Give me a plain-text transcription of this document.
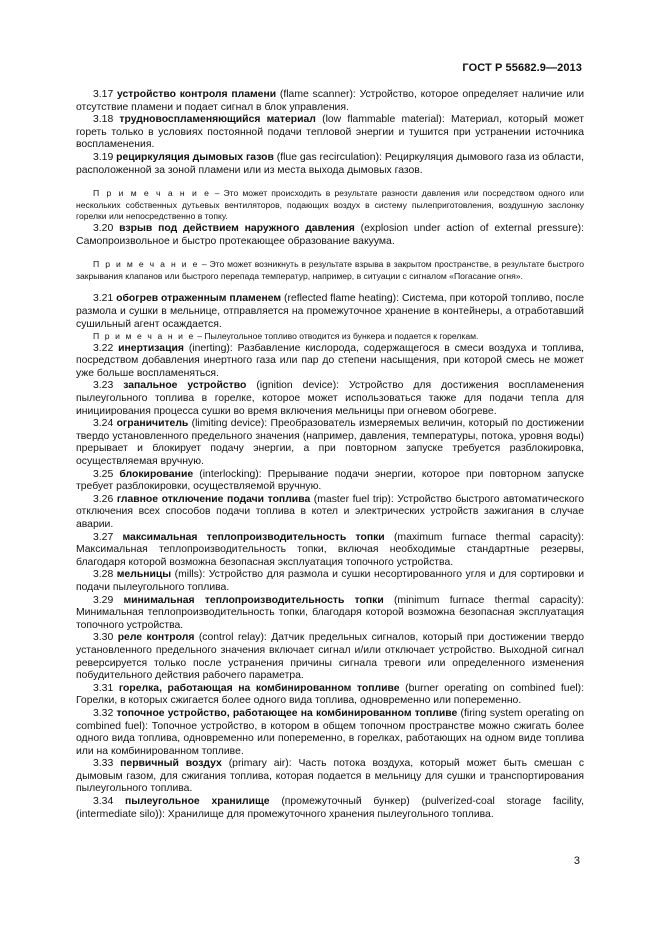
ГОСТ Р 55682.9—2013

3.17 устройство контроля пламени (flame scanner): Устройство, которое определяет наличие или отсутствие пламени и подает сигнал в блок управления.

3.18 трудновоспламеняющийся материал (low flammable material): Материал, который может гореть только в условиях постоянной подачи тепловой энергии и тушится при устранении источника воспламенения.

3.19 рециркуляция дымовых газов (flue gas recirculation): Рециркуляция дымового газа из области, расположенной за зоной пламени или из места выхода дымовых газов.

П р и м е ч а н и е – Это может происходить в результате разности давления или посредством одного или нескольких собственных дутьевых вентиляторов, подающих воздух в систему пылеприготовления, воздушную заслонку горелки или непосредственно в топку.

3.20 взрыв под действием наружного давления (explosion under action of external pressure): Самопроизвольное и быстро протекающее образование вакуума.

П р и м е ч а н и е – Это может возникнуть в результате взрыва в закрытом пространстве, в результате быстрого закрывания клапанов или быстрого перепада температур, например, в ситуации с сигналом «Погасание огня».

3.21 обогрев отраженным пламенем (reflected flame heating): Система, при которой топливо, после размола и сушки в мельнице, отправляется на промежуточное хранение в контейнеры, а отработавший сушильный агент осаждается.

П р и м е ч а н и е – Пылеугольное топливо отводится из бункера и подается к горелкам.

3.22 инертизация (inerting): Разбавление кислорода, содержащегося в смеси воздуха и топлива, посредством добавления инертного газа или пар до степени насыщения, при которой смесь не может уже больше воспламеняться.

3.23 запальное устройство (ignition device): Устройство для достижения воспламенения пылеугольного топлива в горелке, которое может использоваться также для подачи тепла для инициирования процесса сушки во время включения мельницы при огневом обогреве.

3.24 ограничитель (limiting device): Преобразователь измеряемых величин, который по достижении твердо установленного предельного значения (например, давления, температуры, потока, уровня воды) прерывает и блокирует подачу энергии, а при повторном запуске требуется разблокировка, осуществляемая вручную.

3.25 блокирование (interlocking): Прерывание подачи энергии, которое при повторном запуске требует разблокировки, осуществляемой вручную.

3.26 главное отключение подачи топлива (master fuel trip): Устройство быстрого автоматического отключения всех способов подачи топлива в котел и электрических устройств зажигания в случае аварии.

3.27 максимальная теплопроизводительность топки (maximum furnace thermal capacity): Максимальная теплопроизводительность топки, включая необходимые стандартные резервы, благодаря которой возможна безопасная эксплуатация топочного устройства.

3.28 мельницы (mills): Устройство для размола и сушки несортированного угля и для сортировки и подачи пылеугольного топлива.

3.29 минимальная теплопроизводительность топки (minimum furnace thermal capacity): Минимальная теплопроизводительность топки, благодаря которой возможна безопасная эксплуатация топочного устройства.

3.30 реле контроля (control relay): Датчик предельных сигналов, который при достижении твердо установленного предельного значения включает сигнал и/или отключает устройство. Выходной сигнал реверсируется только после устранения причины сигнала тревоги или определенного изменения побудительного действия рабочего параметра.

3.31 горелка, работающая на комбинированном топливе (burner operating on combined fuel): Горелки, в которых сжигается более одного вида топлива, одновременно или попеременно.

3.32 топочное устройство, работающее на комбинированном топливе (firing system operating on combined fuel): Топочное устройство, в котором в общем топочном пространстве можно сжигать более одного вида топлива, одновременно или попеременно, в горелках, работающих на одном виде топлива или на комбинированном топливе.

3.33 первичный воздух (primary air): Часть потока воздуха, который может быть смешан с дымовым газом, для сжигания топлива, которая подается в мельницу для сушки и транспортирования пылеугольного топлива.

3.34 пылеугольное хранилище (промежуточный бункер) (pulverized-coal storage facility, (intermediate silo)): Хранилище для промежуточного хранения пылеугольного топлива.

3
